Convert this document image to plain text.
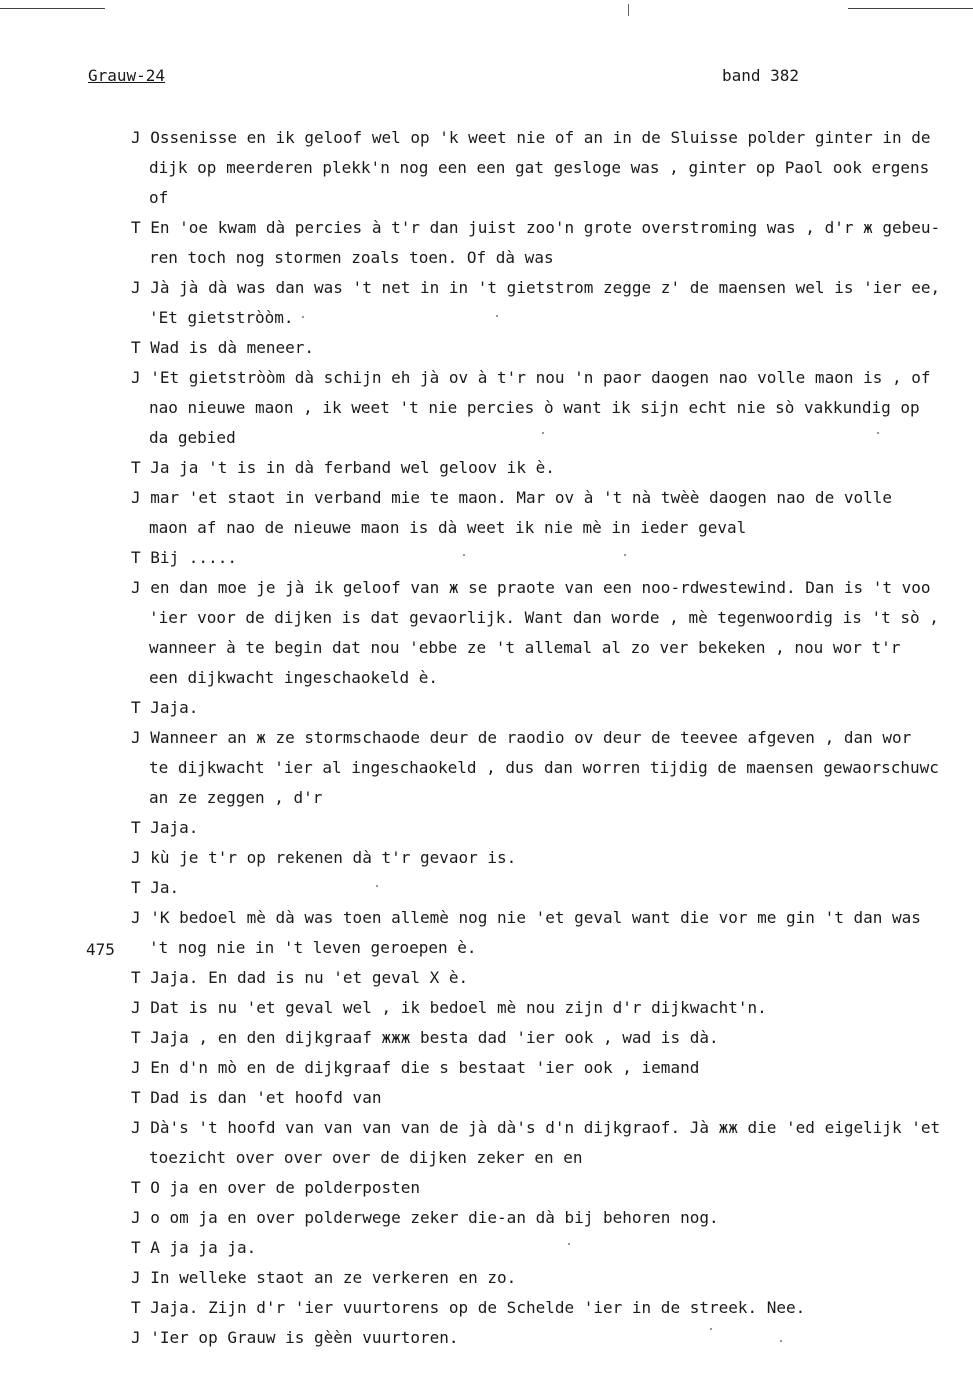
Grauw-24	band 382
475
J Ossenisse en ik geloof wel op 'k weet nie of an in de Sluisse polder ginter in de
dijk op meerderen plekk'n nog een een gat gesloge was , ginter op Paol ook ergens
of
T En 'oe kwam dà percies à t'r dan juist zoo'n grote overstroming was , d'r ж gebeu-
ren toch nog stormen zoals toen. Of dà was
J Jà jà dà was dan was 't net in in 't gietstrom zegge z' de maensen wel is 'ier ee,
'Et gietstròòm.
T Wad is dà meneer.
J 'Et gietstròòm dà schijn eh jà ov à t'r nou 'n paor daogen nao volle maon is , of
nao nieuwe maon , ik weet 't nie percies ò want ik sijn echt nie sò vakkundig op
da gebied
T Ja ja 't is in dà ferband wel geloov ik è.
J mar 'et staot in verband mie te maon. Mar ov à 't nà twèè daogen nao de volle
maon af nao de nieuwe maon is dà weet ik nie mè in ieder geval
T Bij .....
J en dan moe je jà ik geloof van ж se praote van een noo-rdwestewind. Dan is 't voo
'ier voor de dijken is dat gevaorlijk. Want dan worde , mè tegenwoordig is 't sò ,
wanneer à te begin dat nou 'ebbe ze 't allemal al zo ver bekeken , nou wor t'r
een dijkwacht ingeschaokeld è.
T Jaja.
J Wanneer an ж ze stormschaode deur de raodio ov deur de teevee afgeven , dan wor
te dijkwacht 'ier al ingeschaokeld , dus dan worren tijdig de maensen gewaorschuwc
an ze zeggen , d'r
T Jaja.
J kù je t'r op rekenen dà t'r gevaor is.
T Ja.
J 'K bedoel mè dà was toen allemè nog nie 'et geval want die vor me gin 't dan was
't nog nie in 't leven geroepen è.
T Jaja. En dad is nu 'et geval X è.
J Dat is nu 'et geval wel , ik bedoel mè nou zijn d'r dijkwacht'n.
T Jaja , en den dijkgraaf жжж besta dad 'ier ook , wad is dà.
J En d'n mò en de dijkgraaf die s bestaat 'ier ook , iemand
T Dad is dan 'et hoofd van
J Dà's 't hoofd van van van van de jà dà's d'n dijkgraof. Jà жж die 'ed eigelijk 'et
toezicht over over over de dijken zeker en en
T O ja en over de polderposten
J o om ja en over polderwege zeker die-an dà bij behoren nog.
T A ja ja ja.
J In welleke staot an ze verkeren en zo.
T Jaja. Zijn d'r 'ier vuurtorens op de Schelde 'ier in de streek. Nee.
J 'Ier op Grauw is gèèn vuurtoren.
